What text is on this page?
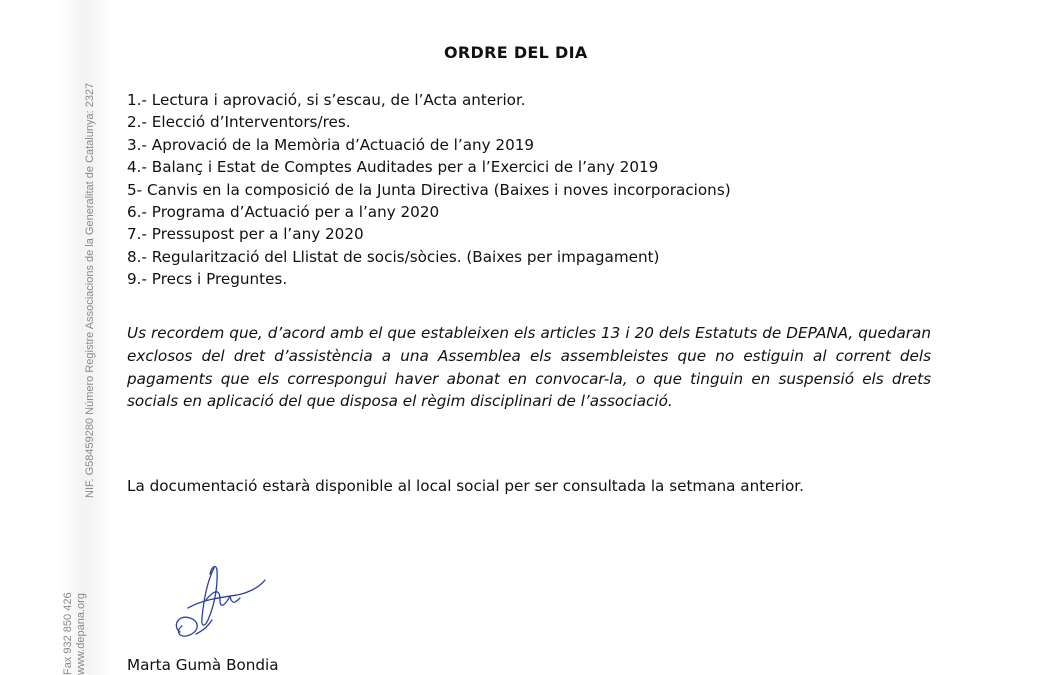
NIF. G58459280 Número Registre Associacions de la Generalitat de Catalunya: 2327
Fax 932 850 426 www.depana.org
ORDRE DEL DIA
1.- Lectura i aprovació, si s’escau, de l’Acta anterior.
2.- Elecció d’Interventors/res.
3.- Aprovació de la Memòria d’Actuació de l’any 2019
4.- Balanç i Estat de Comptes Auditades per a l’Exercici de l’any 2019
5- Canvis en la composició de la Junta Directiva (Baixes i noves incorporacions)
6.- Programa d’Actuació per a l’any 2020
7.- Pressupost per a l’any 2020
8.- Regularització del Llistat de socis/sòcies. (Baixes per impagament)
9.- Precs i Preguntes.

Us recordem que, d’acord amb el que estableixen els articles 13 i 20 dels Estatuts de DEPANA, quedaran exclosos del dret d’assistència a una Assemblea els assembleistes que no estiguin al corrent dels pagaments que els correspongui haver abonat en convocar-la, o que tinguin en suspensió els drets socials en aplicació del que disposa el règim disciplinari de l’associació.

La documentació estarà disponible al local social per ser consultada la setmana anterior.

Marta Gumà Bondia
